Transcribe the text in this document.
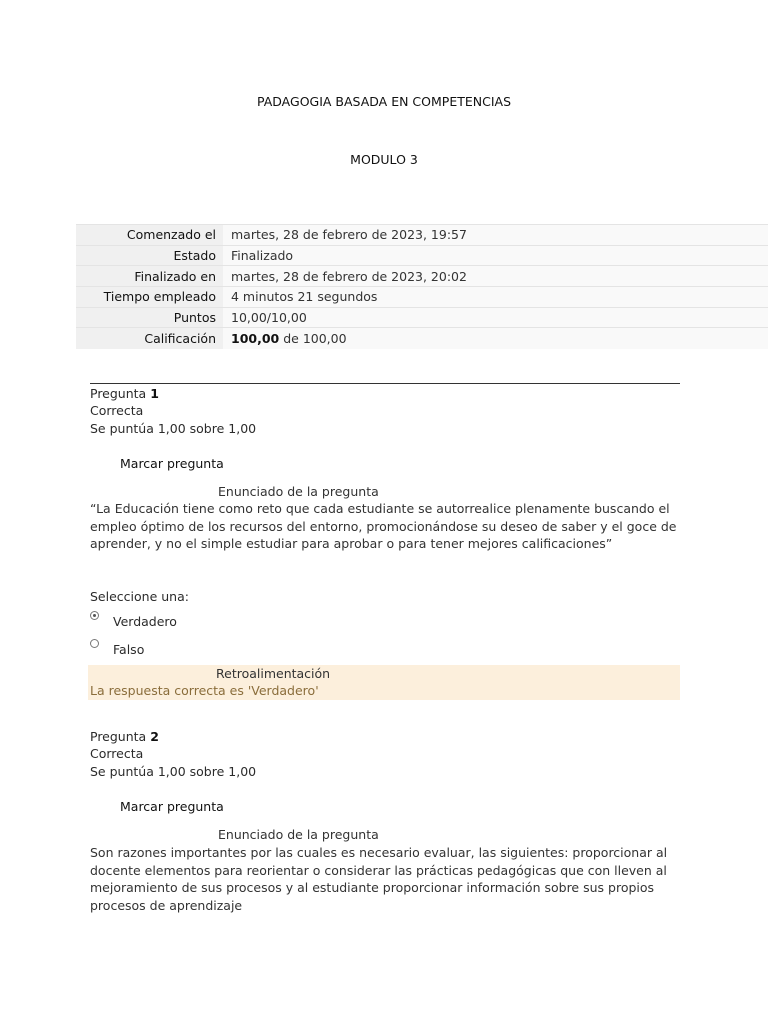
PADAGOGIA BASADA EN COMPETENCIAS
MODULO 3
Comenzado el	martes, 28 de febrero de 2023, 19:57
Estado	Finalizado
Finalizado en	martes, 28 de febrero de 2023, 20:02
Tiempo empleado	4 minutos 21 segundos
Puntos	10,00/10,00
Calificación	100,00 de 100,00
Pregunta 1
Correcta
Se puntúa 1,00 sobre 1,00
Marcar pregunta
Enunciado de la pregunta
“La Educación tiene como reto que cada estudiante se autorrealice plenamente buscando el empleo óptimo de los recursos del entorno, promocionándose su deseo de saber y el goce de aprender, y no el simple estudiar para aprobar o para tener mejores calificaciones”
Seleccione una:
Verdadero
Falso
Retroalimentación
La respuesta correcta es 'Verdadero'
Pregunta 2
Correcta
Se puntúa 1,00 sobre 1,00
Marcar pregunta
Enunciado de la pregunta
Son razones importantes por las cuales es necesario evaluar, las siguientes: proporcionar al docente elementos para reorientar o considerar las prácticas pedagógicas que con lleven al mejoramiento de sus procesos y al estudiante proporcionar información sobre sus propios procesos de aprendizaje
